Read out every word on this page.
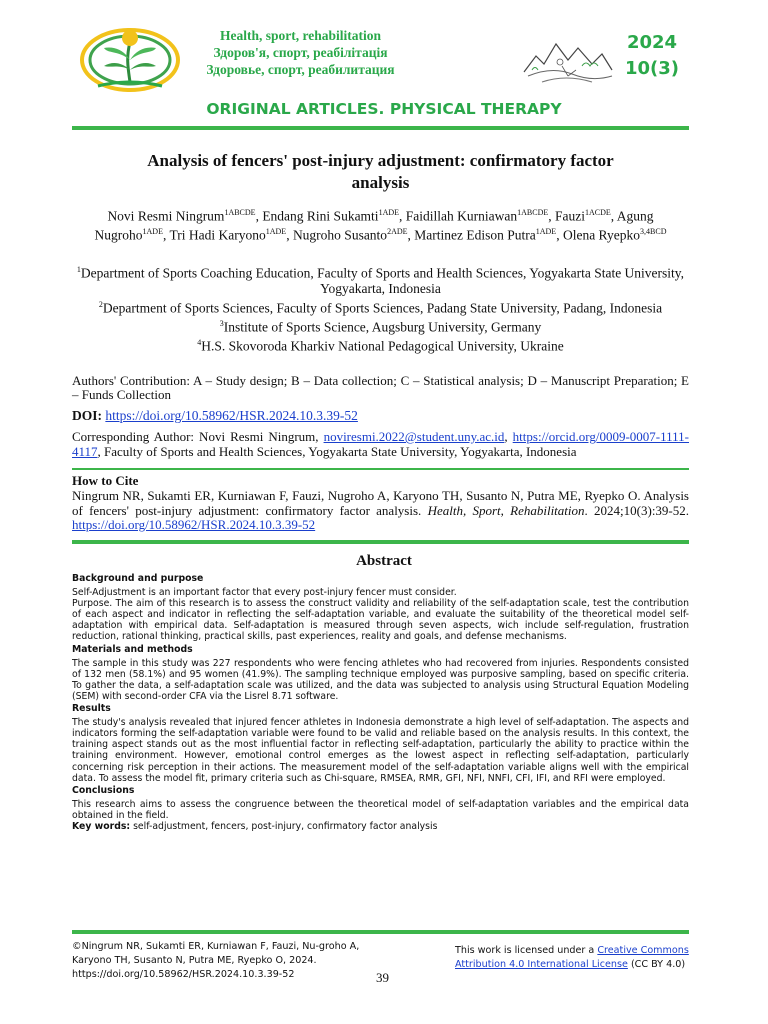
Health, sport, rehabilitation
Здоров'я, спорт, реабілітація
Здоровье, спорт, реабилитация
2024
10(3)
ORIGINAL ARTICLES. PHYSICAL THERAPY
Analysis of fencers' post-injury adjustment: confirmatory factor
analysis
Novi Resmi Ningrum$^{1ABCDE}$, Endang Rini Sukamti$^{1ADE}$, Faidillah Kurniawan$^{1ABCDE}$, Fauzi$^{1ACDE}$, Agung Nugroho$^{1ADE}$, Tri Hadi Karyono$^{1ADE}$, Nugroho Susanto$^{2ADE}$, Martinez Edison Putra$^{1ADE}$, Olena Ryepko$^{3,4BCD}$
$^1$Department of Sports Coaching Education, Faculty of Sports and Health Sciences, Yogyakarta State University, Yogyakarta, Indonesia
$^2$Department of Sports Sciences, Faculty of Sports Sciences, Padang State University, Padang, Indonesia
$^3$Institute of Sports Science, Augsburg University, Germany
$^4$H.S. Skovoroda Kharkiv National Pedagogical University, Ukraine
Authors' Contribution: A – Study design; B – Data collection; C – Statistical analysis; D – Manuscript Preparation; E – Funds Collection
DOI: https://doi.org/10.58962/HSR.2024.10.3.39-52
Corresponding Author: Novi Resmi Ningrum, noviresmi.2022@student.uny.ac.id, https://orcid.org/0009-0007-1111-4117, Faculty of Sports and Health Sciences, Yogyakarta State University, Yogyakarta, Indonesia
How to Cite
Ningrum NR, Sukamti ER, Kurniawan F, Fauzi, Nugroho A, Karyono TH, Susanto N, Putra ME, Ryepko O. Analysis of fencers' post-injury adjustment: confirmatory factor analysis. Health, Sport, Rehabilitation. 2024;10(3):39-52. https://doi.org/10.58962/HSR.2024.10.3.39-52
Abstract
Background and purpose

Self-Adjustment is an important factor that every post-injury fencer must consider.

Purpose. The aim of this research is to assess the construct validity and reliability of the self-adaptation scale, test the contribution of each aspect and indicator in reflecting the self-adaptation variable, and evaluate the suitability of the theoretical model self-adaptation with empirical data. Self-adaptation is measured through seven aspects, wich include self-regulation, frustration reduction, rational thinking, practical skills, past experiences, reality and goals, and defense mechanisms.

Materials and methods

The sample in this study was 227 respondents who were fencing athletes who had recovered from injuries. Respondents consisted of 132 men (58.1%) and 95 women (41.9%). The sampling technique employed was purposive sampling, based on specific criteria. To gather the data, a self-adaptation scale was utilized, and the data was subjected to analysis using Structural Equation Modeling (SEM) with second-order CFA via the Lisrel 8.71 software.

Results

The study's analysis revealed that injured fencer athletes in Indonesia demonstrate a high level of self-adaptation. The aspects and indicators forming the self-adaptation variable were found to be valid and reliable based on the analysis results. In this context, the training aspect stands out as the most influential factor in reflecting self-adaptation, particularly the ability to practice within the training environment. However, emotional control emerges as the lowest aspect in reflecting self-adaptation, particularly concerning risk perception in their actions. The measurement model of the self-adaptation variable aligns well with the empirical data. To assess the model fit, primary criteria such as Chi-square, RMSEA, RMR, GFI, NFI, NNFI, CFI, IFI, and RFI were employed.

Conclusions

This research aims to assess the congruence between the theoretical model of self-adaptation variables and the empirical data obtained in the field.

Key words: self-adjustment, fencers, post-injury, confirmatory factor analysis

©Ningrum NR, Sukamti ER, Kurniawan F, Fauzi, Nu-groho A, Karyono TH, Susanto N, Putra ME, Ryepko O, 2024. https://doi.org/10.58962/HSR.2024.10.3.39-52	39
This work is licensed under a Creative Commons Attribution 4.0 International License (CC BY 4.0)
